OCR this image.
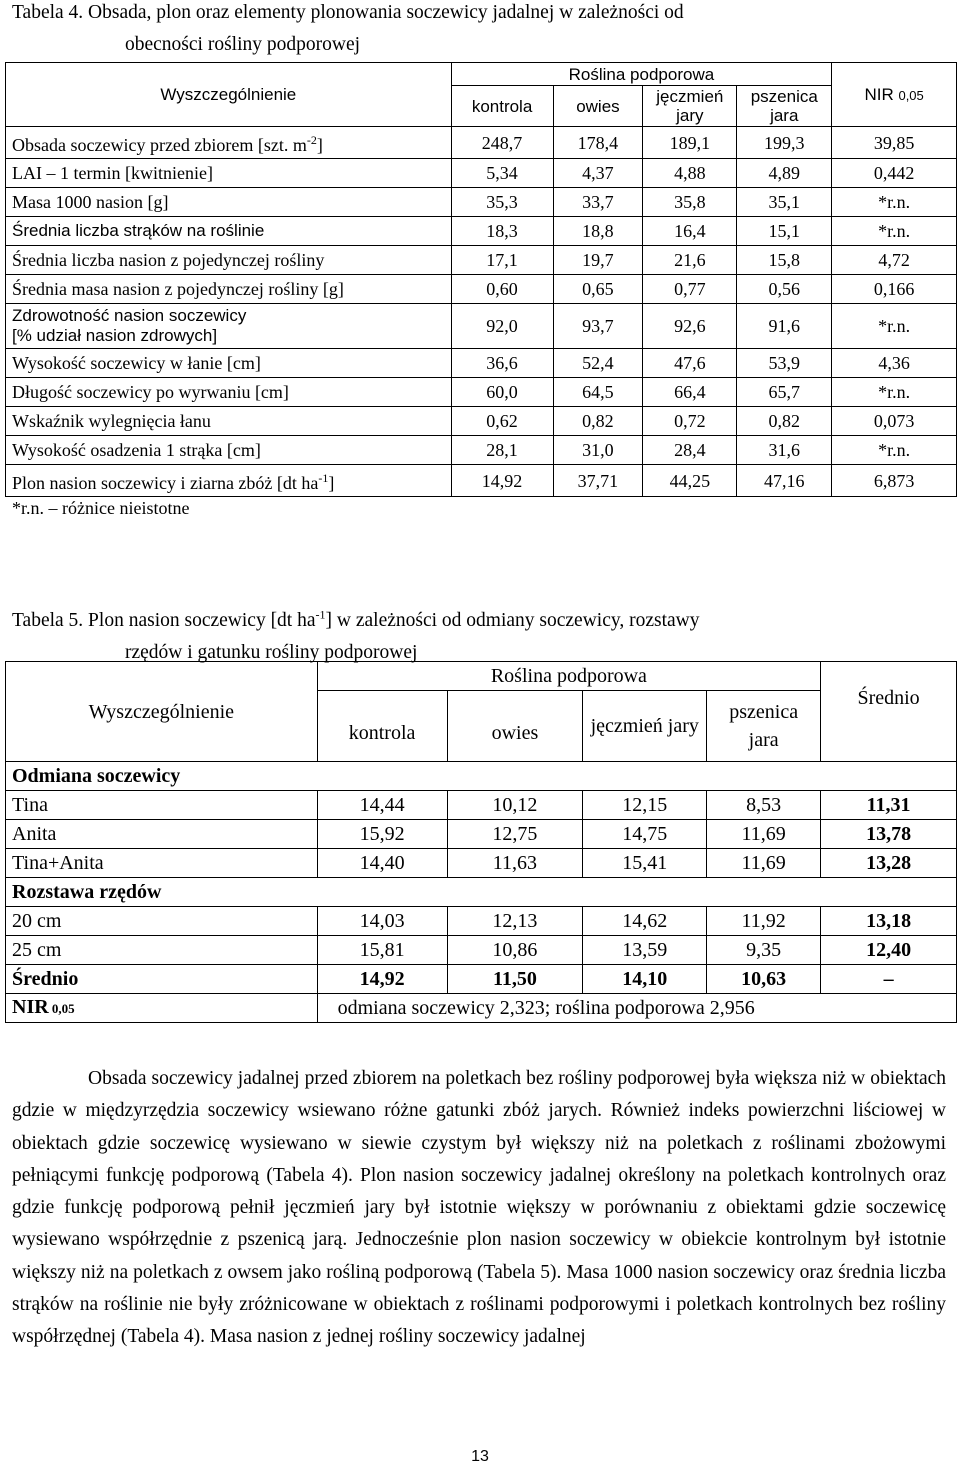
Tabela 4. Obsada, plon oraz elementy plonowania soczewicy jadalnej w zależności od
obecności rośliny podporowej
Wyszczególnienie	Roślina podporowa				NIR 0,05
	kontrola	owies	jęczmień jary	pszenica jara	
Obsada soczewicy przed zbiorem [szt. $m^{-2}$]	248,7	178,4	189,1	199,3	39,85
LAI – 1 termin [kwitnienie]	5,34	4,37	4,88	4,89	0,442
Masa 1000 nasion [g]	35,3	33,7	35,8	35,1	*r.n.
Średnia liczba strąków na roślinie	18,3	18,8	16,4	15,1	*r.n.
Średnia liczba nasion z pojedynczej rośliny	17,1	19,7	21,6	15,8	4,72
Średnia masa nasion z pojedynczej rośliny [g]	0,60	0,65	0,77	0,56	0,166

Zdrowotność nasion soczewicy
[% udział nasion zdrowych]	92,0	93,7	92,6	91,6	*r.n.
Wysokość soczewicy w łanie [cm]	36,6	52,4	47,6	53,9	4,36
Długość soczewicy po wyrwaniu [cm]	60,0	64,5	66,4	65,7	*r.n.
Wskaźnik wylegnięcia łanu	0,62	0,82	0,72	0,82	0,073
Wysokość osadzenia 1 strąka [cm]	28,1	31,0	28,4	31,6	*r.n.
Plon nasion soczewicy i ziarna zbóż [dt $ha^{-1}$]	14,92	37,71	44,25	47,16	6,873
*r.n. – różnice nieistotne
Tabela 5. Plon nasion soczewicy [dt $ha^{-1}$] w zależności od odmiany soczewicy, rozstawy
rzędów i gatunku rośliny podporowej
Wyszczególnienie	Roślina podporowa				Średnio
	kontrola	owies	jęczmień jary	pszenica jara	
Odmiana soczewicy					
Tina	14,44	10,12	12,15	8,53	11,31
Anita	15,92	12,75	14,75	11,69	13,78
Tina+Anita	14,40	11,63	15,41	11,69	13,28
Rozstawa rzędów					
20 cm	14,03	12,13	14,62	11,92	13,18
25 cm	15,81	10,86	13,59	9,35	12,40
Średnio	14,92	11,50	14,10	10,63	–
NIR 0,05	odmiana soczewicy 2,323; roślina podporowa 2,956				
Obsada soczewicy jadalnej przed zbiorem na poletkach bez rośliny podporowej była większa niż w obiektach gdzie w międzyrzędzia soczewicy wsiewano różne gatunki zbóż jarych. Również indeks powierzchni liściowej w obiektach gdzie soczewicę wysiewano w siewie czystym był większy niż na poletkach z roślinami zbożowymi pełniącymi funkcję podporową (Tabela 4). Plon nasion soczewicy jadalnej określony na poletkach kontrolnych oraz gdzie funkcję podporową pełnił jęczmień jary był istotnie większy w porównaniu z obiektami gdzie soczewicę wysiewano współrzędnie z pszenicą jarą. Jednocześnie plon nasion soczewicy w obiekcie kontrolnym był istotnie większy niż na poletkach z owsem jako rośliną podporową (Tabela 5). Masa 1000 nasion soczewicy oraz średnia liczba strąków na roślinie nie były zróżnicowane w obiektach z roślinami podporowymi i poletkach kontrolnych bez rośliny współrzędnej (Tabela 4). Masa nasion z jednej rośliny soczewicy jadalnej
13
